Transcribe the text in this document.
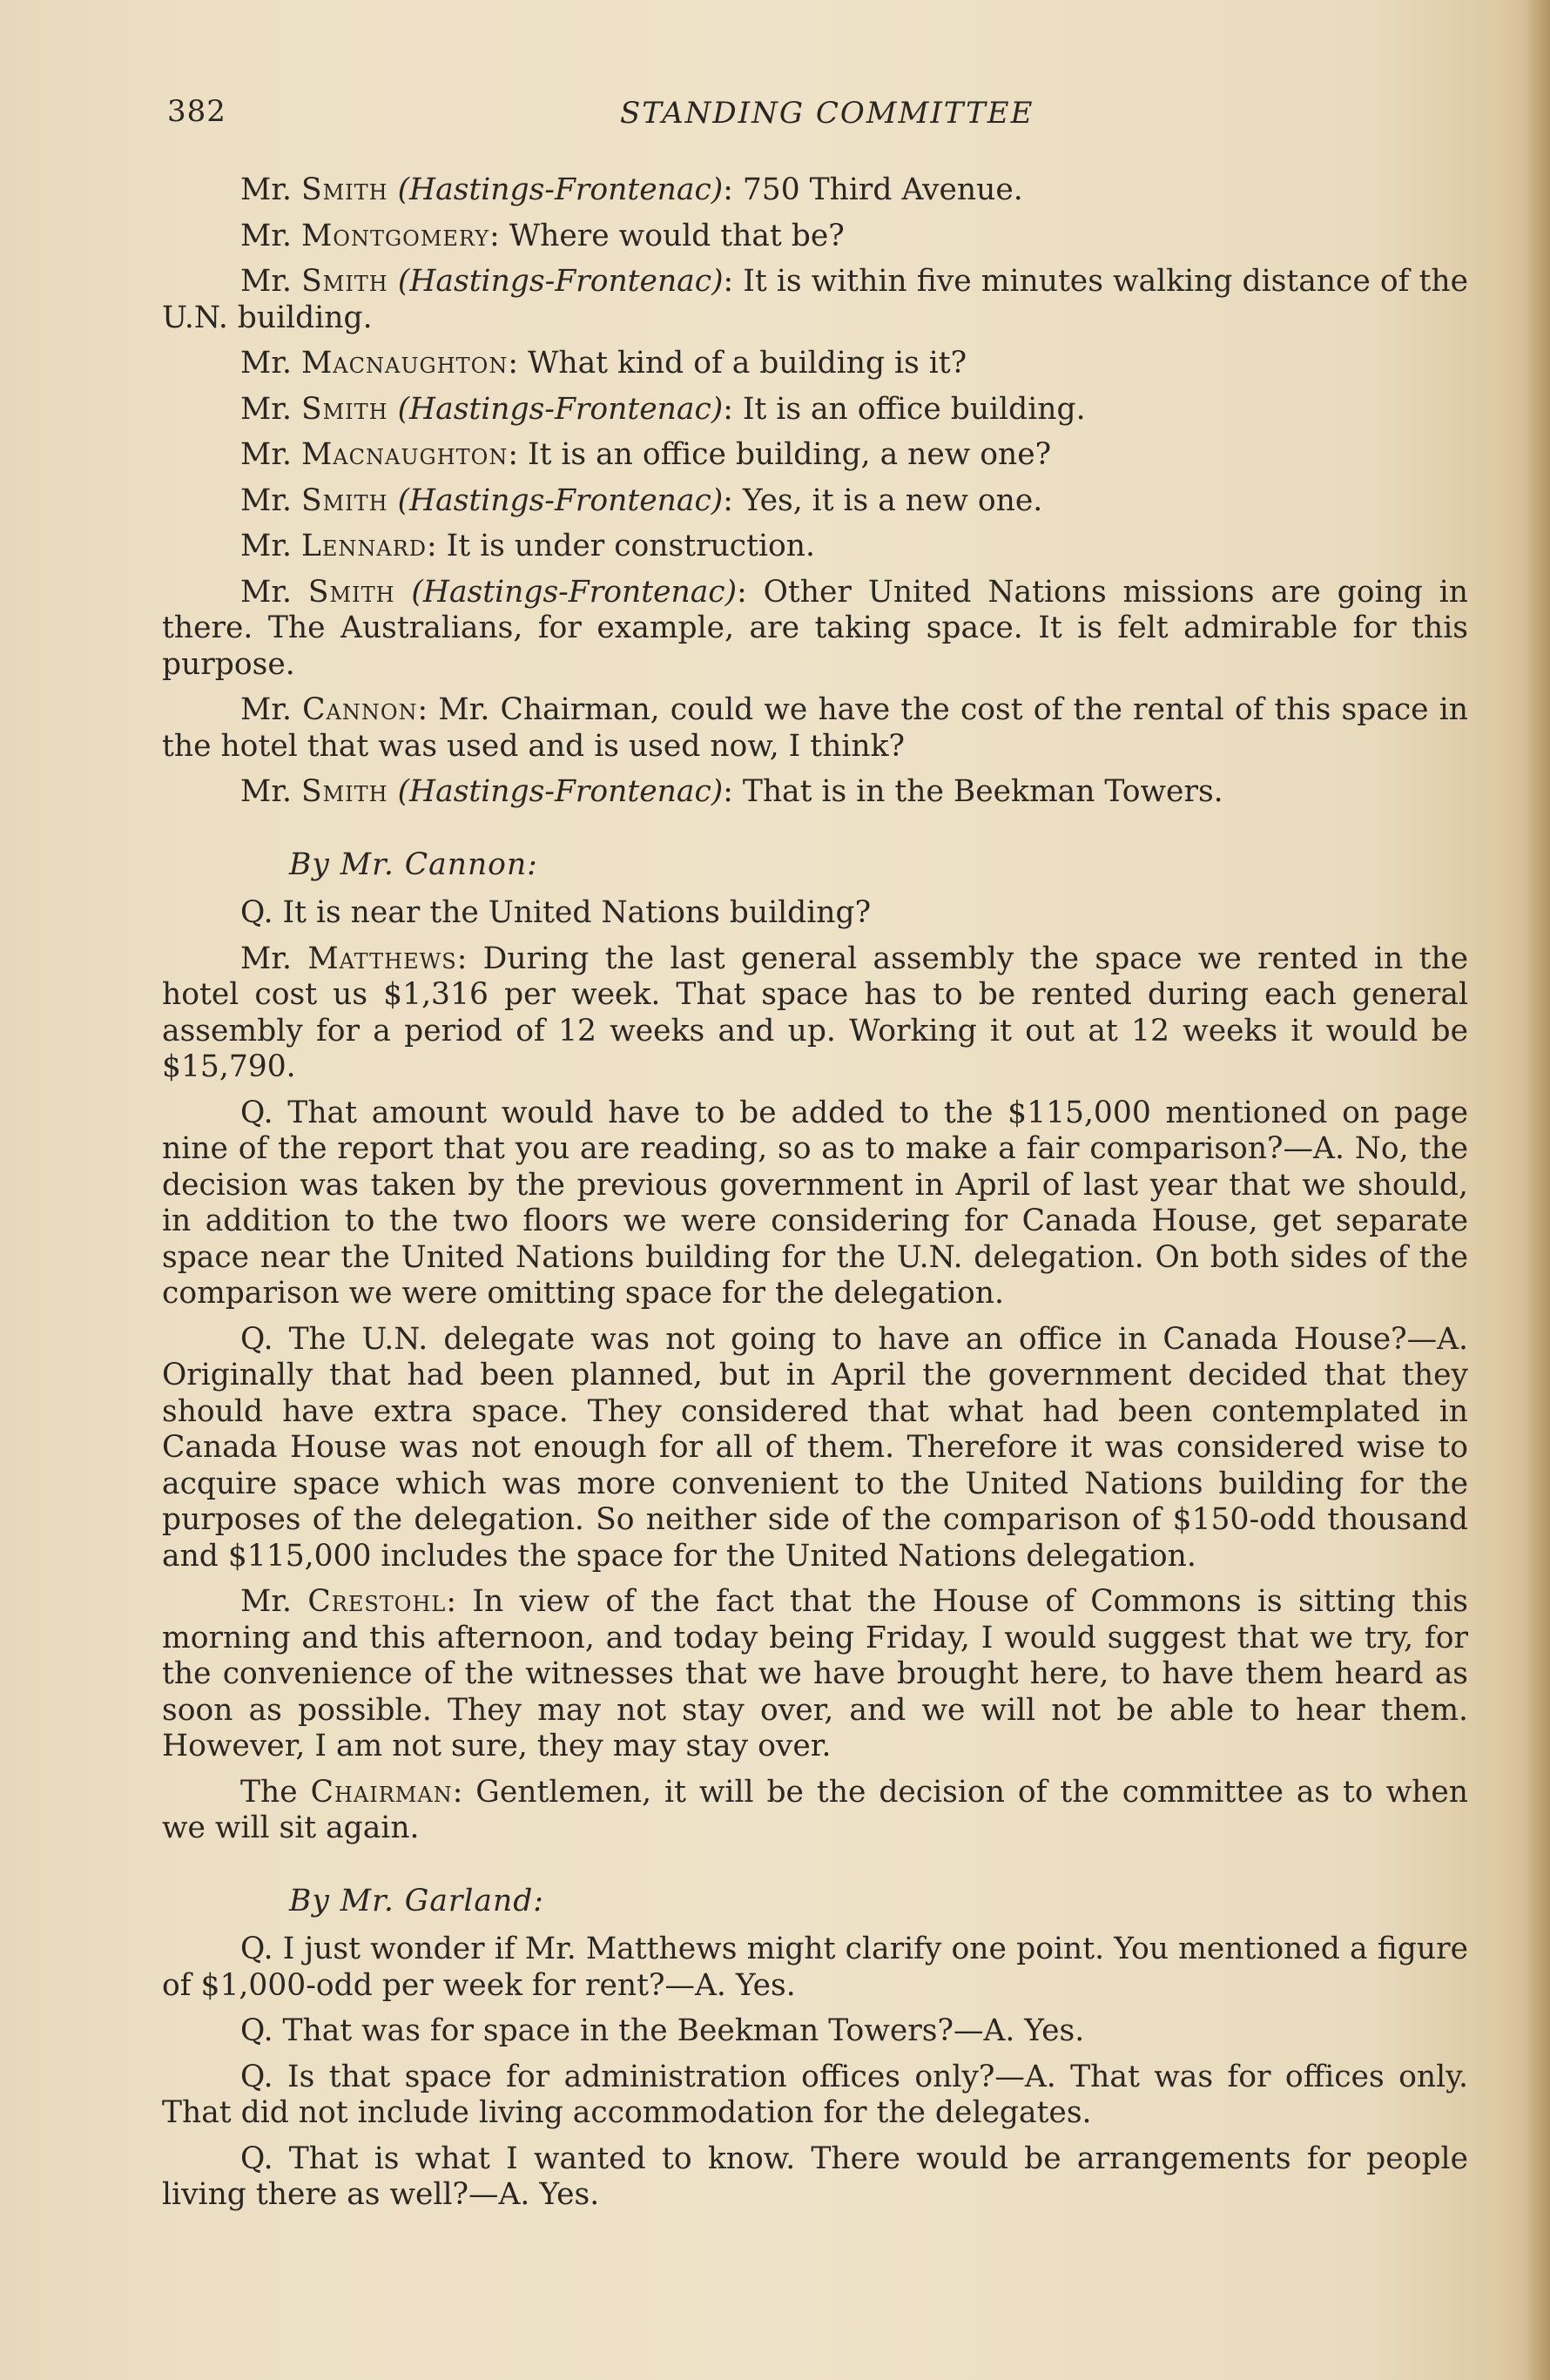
382	STANDING COMMITTEE

Mr. Smith (Hastings-Frontenac): 750 Third Avenue.

Mr. Montgomery: Where would that be?

Mr. Smith (Hastings-Frontenac): It is within five minutes walking distance of the U.N. building.

Mr. Macnaughton: What kind of a building is it?

Mr. Smith (Hastings-Frontenac): It is an office building.

Mr. Macnaughton: It is an office building, a new one?

Mr. Smith (Hastings-Frontenac): Yes, it is a new one.

Mr. Lennard: It is under construction.

Mr. Smith (Hastings-Frontenac): Other United Nations missions are going in there. The Australians, for example, are taking space. It is felt admirable for this purpose.

Mr. Cannon: Mr. Chairman, could we have the cost of the rental of this space in the hotel that was used and is used now, I think?

Mr. Smith (Hastings-Frontenac): That is in the Beekman Towers.

By Mr. Cannon:

Q. It is near the United Nations building?

Mr. Matthews: During the last general assembly the space we rented in the hotel cost us $1,316 per week. That space has to be rented during each general assembly for a period of 12 weeks and up. Working it out at 12 weeks it would be $15,790.

Q. That amount would have to be added to the $115,000 mentioned on page nine of the report that you are reading, so as to make a fair comparison?—A. No, the decision was taken by the previous government in April of last year that we should, in addition to the two floors we were considering for Canada House, get separate space near the United Nations building for the U.N. delegation. On both sides of the comparison we were omitting space for the delegation.

Q. The U.N. delegate was not going to have an office in Canada House?—A. Originally that had been planned, but in April the government decided that they should have extra space. They considered that what had been contemplated in Canada House was not enough for all of them. Therefore it was considered wise to acquire space which was more convenient to the United Nations building for the purposes of the delegation. So neither side of the comparison of $150-odd thousand and $115,000 includes the space for the United Nations delegation.

Mr. Crestohl: In view of the fact that the House of Commons is sitting this morning and this afternoon, and today being Friday, I would suggest that we try, for the convenience of the witnesses that we have brought here, to have them heard as soon as possible. They may not stay over, and we will not be able to hear them. However, I am not sure, they may stay over.

The Chairman: Gentlemen, it will be the decision of the committee as to when we will sit again.

By Mr. Garland:

Q. I just wonder if Mr. Matthews might clarify one point. You mentioned a figure of $1,000-odd per week for rent?—A. Yes.

Q. That was for space in the Beekman Towers?—A. Yes.

Q. Is that space for administration offices only?—A. That was for offices only. That did not include living accommodation for the delegates.

Q. That is what I wanted to know. There would be arrangements for people living there as well?—A. Yes.
